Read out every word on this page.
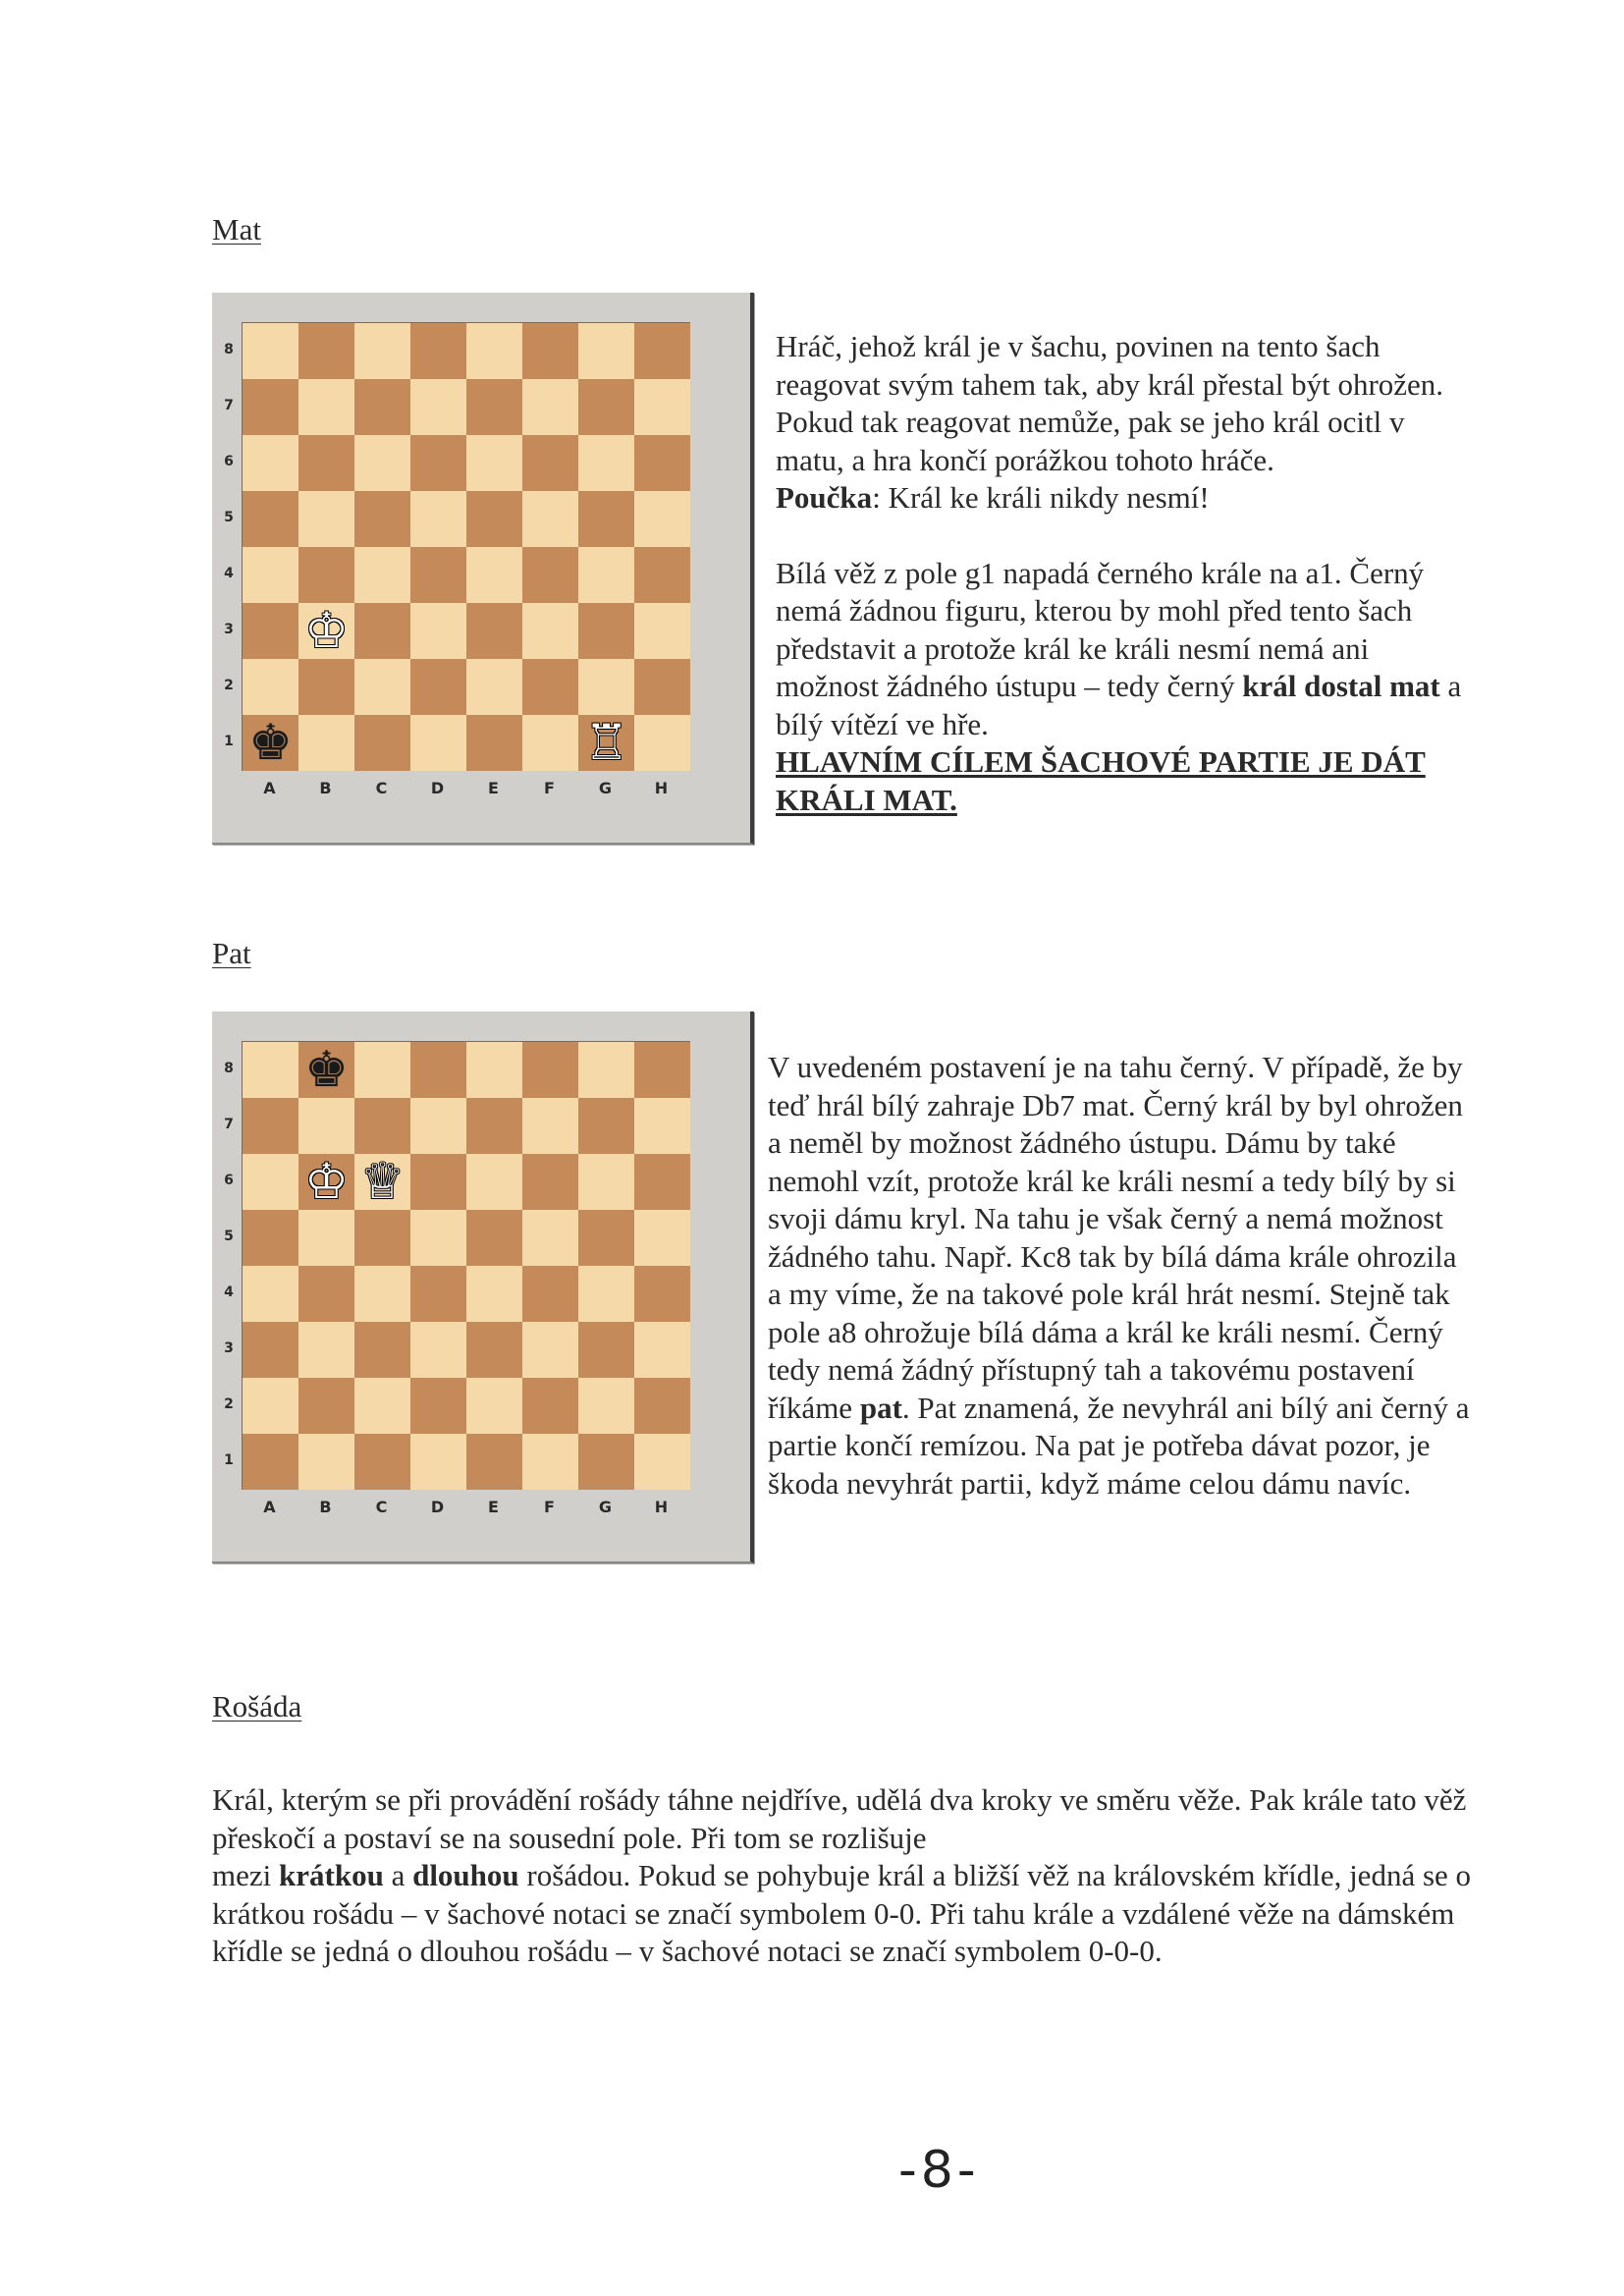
Mat
♔
♚	♖
8
7
6
5
4
3
2
1
A	B	C	D	E	F	G	H

Hráč, jehož král je v šachu, povinen na tento šach reagovat svým tahem tak, aby král přestal být ohrožen. Pokud tak reagovat nemůže, pak se jeho král ocitl v matu, a hra končí porážkou tohoto hráče.

Poučka: Král ke králi nikdy nesmí!

Bílá věž z pole g1 napadá černého krále na a1. Černý nemá žádnou figuru, kterou by mohl před tento šach představit a protože král ke králi nesmí nemá ani možnost žádného ústupu – tedy černý král dostal mat a bílý vítězí ve hře.

HLAVNÍM CÍLEM ŠACHOVÉ PARTIE JE DÁT KRÁLI MAT.

Pat
♚
♔ ♕
8
7
6
5
4
3
2
1
A	B	C	D	E	F	G	H

V uvedeném postavení je na tahu černý. V případě, že by teď hrál bílý zahraje Db7 mat. Černý král by byl ohrožen a neměl by možnost žádného ústupu. Dámu by také nemohl vzít, protože král ke králi nesmí a tedy bílý by si svoji dámu kryl. Na tahu je však černý a nemá možnost žádného tahu. Např. Kc8 tak by bílá dáma krále ohrozila a my víme, že na takové pole král hrát nesmí. Stejně tak pole a8 ohrožuje bílá dáma a král ke králi nesmí. Černý tedy nemá žádný přístupný tah a takovému postavení říkáme pat. Pat znamená, že nevyhrál ani bílý ani černý a partie končí remízou. Na pat je potřeba dávat pozor, je škoda nevyhrát partii, když máme celou dámu navíc.

Rošáda

Král, kterým se při provádění rošády táhne nejdříve, udělá dva kroky ve směru věže. Pak krále tato věž přeskočí a postaví se na sousední pole. Při tom se rozlišuje

mezi krátkou a dlouhou rošádou. Pokud se pohybuje král a bližší věž na královském křídle, jedná se o krátkou rošádu – v šachové notaci se značí symbolem 0-0. Při tahu krále a vzdálené věže na dámském křídle se jedná o dlouhou rošádu – v šachové notaci se značí symbolem 0-0-0.

-8-
